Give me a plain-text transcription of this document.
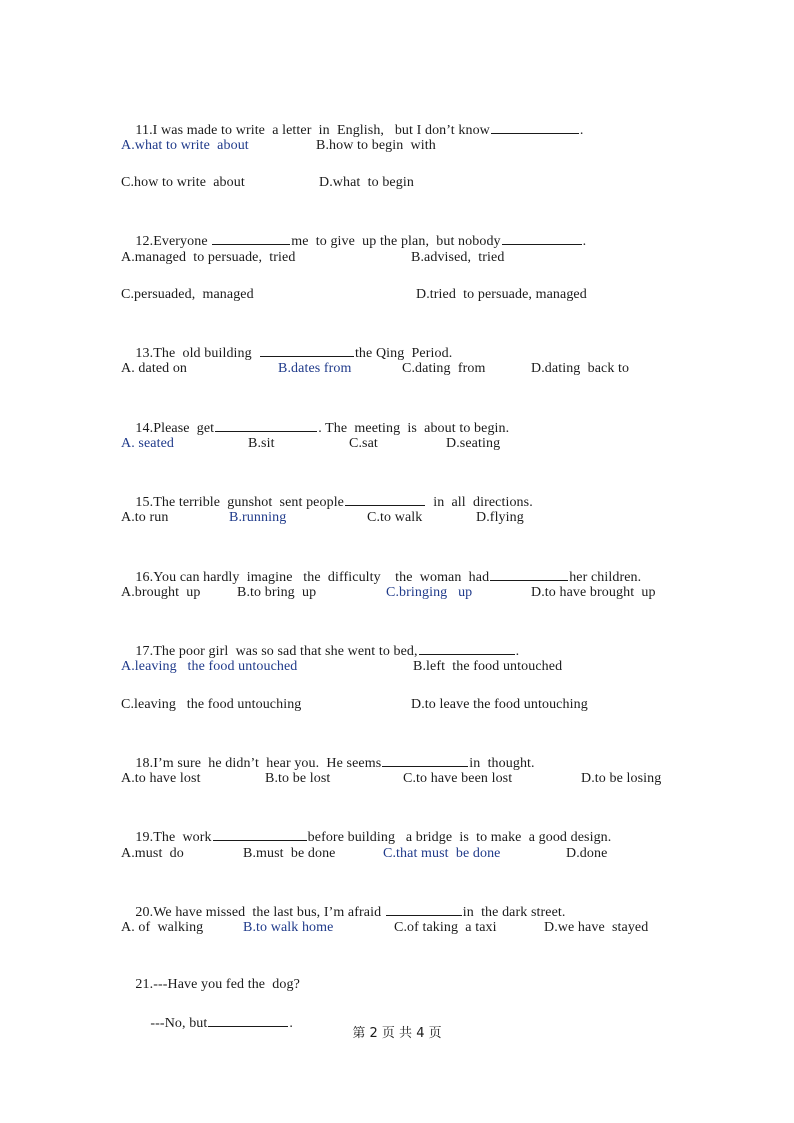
11.I was made to write  a letter  in  English,   but I don’t know	.

A.what to write  about

	B.how to begin  with

C.how to write  about

	D.what  to begin

12.Everyone	me  to give  up the plan,  but nobody	.

A.managed  to persuade,  tried

	B.advised,  tried

C.persuaded,  managed

	D.tried  to persuade, managed

13.The  old building	the Qing  Period.

A. dated on

	B.dates from

	C.dating  from

	D.dating  back to

14.Please  get	. The  meeting  is  about to begin.

A. seated

	B.sit

	C.sat

	D.seating

15.The terrible  gunshot  sent people	in  all  directions.

A.to run

	B.running

	C.to walk

	D.flying

16.You can hardly  imagine   the  difficulty    the  woman  had	her children.

A.brought  up

	B.to bring  up

	C.bringing   up

	D.to have brought  up

17.The poor girl  was so sad that she went to bed,	.

A.leaving   the food untouched

	B.left  the food untouched

C.leaving   the food untouching

	D.to leave the food untouching

18.I’m sure  he didn’t  hear you.  He seems	in  thought.

A.to have lost

	B.to be lost

	C.to have been lost

	D.to be losing

19.The  work	before building   a bridge  is  to make  a good design.

A.must  do

	B.must  be done

	C.that must  be done

	D.done

20.We have missed  the last bus, I’m afraid	in  the dark street.

A. of  walking

	B.to walk home

	C.of taking  a taxi

	D.we have  stayed

21.---Have you fed the  dog?

---No, but	.

第 2 页 共 4 页
